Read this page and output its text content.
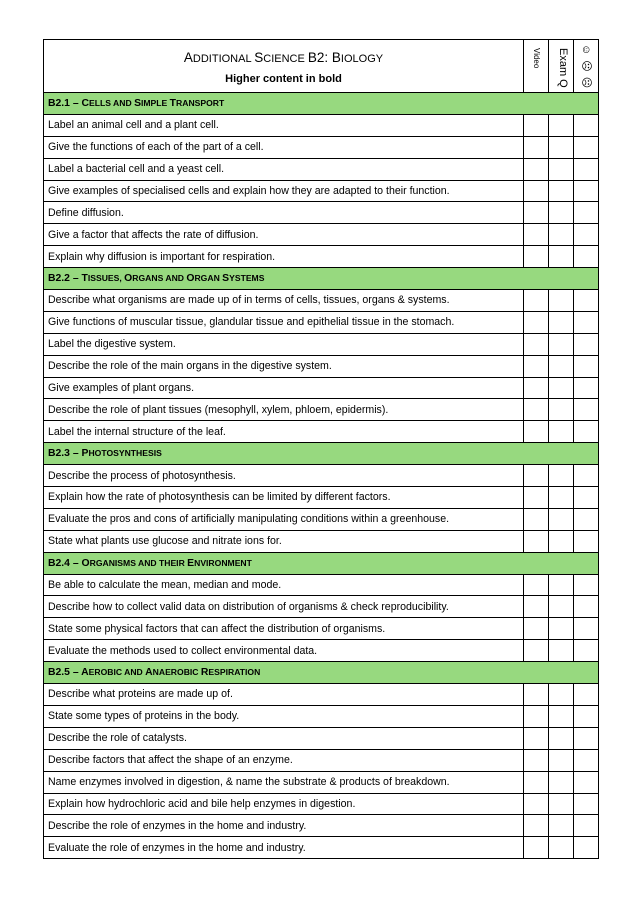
ADDITIONAL SCIENCE B2: BIOLOGY
Higher content in bold	Video	Exam Q	☺ ☹ ☹

B2.1 – CELLS AND SIMPLE TRANSPORT			
Label an animal cell and a plant cell.			
Give the functions of each of the part of a cell.			
Label a bacterial cell and a yeast cell.			
Give examples of specialised cells and explain how they are adapted to their function.			
Define diffusion.			
Give a factor that affects the rate of diffusion.			
Explain why diffusion is important for respiration.			
B2.2 – TISSUES, ORGANS AND ORGAN SYSTEMS			
Describe what organisms are made up of in terms of cells, tissues, organs & systems.			
Give functions of muscular tissue, glandular tissue and epithelial tissue in the stomach.			
Label the digestive system.			
Describe the role of the main organs in the digestive system.			
Give examples of plant organs.			
Describe the role of plant tissues (mesophyll, xylem, phloem, epidermis).			
Label the internal structure of the leaf.			
B2.3 – PHOTOSYNTHESIS			
Describe the process of photosynthesis.			
Explain how the rate of photosynthesis can be limited by different factors.			
Evaluate the pros and cons of artificially manipulating conditions within a greenhouse.			
State what plants use glucose and nitrate ions for.			
B2.4 – ORGANISMS AND THEIR ENVIRONMENT			
Be able to calculate the mean, median and mode.			
Describe how to collect valid data on distribution of organisms & check reproducibility.			
State some physical factors that can affect the distribution of organisms.			
Evaluate the methods used to collect environmental data.			
B2.5 – AEROBIC AND ANAEROBIC RESPIRATION			
Describe what proteins are made up of.			
State some types of proteins in the body.			
Describe the role of catalysts.			
Describe factors that affect the shape of an enzyme.			
Name enzymes involved in digestion, & name the substrate & products of breakdown.			
Explain how hydrochloric acid and bile help enzymes in digestion.			
Describe the role of enzymes in the home and industry.			
Evaluate the role of enzymes in the home and industry.			
